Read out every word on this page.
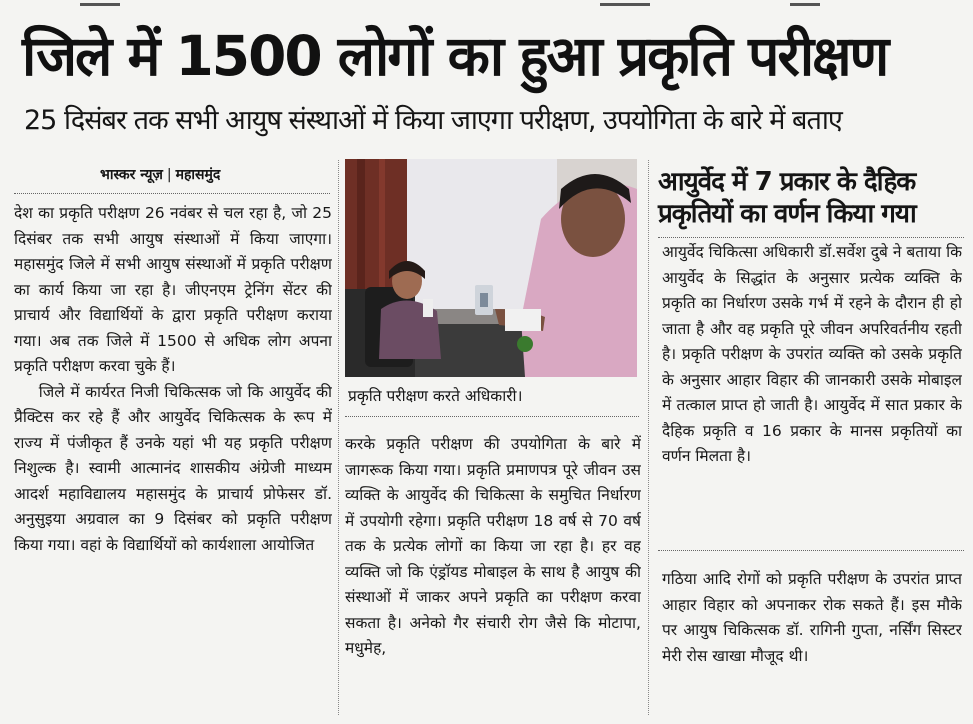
जिले में 1500 लोगों का हुआ प्रकृति परीक्षण
25 दिसंबर तक सभी आयुष संस्थाओं में किया जाएगा परीक्षण, उपयोगिता के बारे में बताए
भास्कर न्यूज़ | महासमुंद

देश का प्रकृति परीक्षण 26 नवंबर से चल रहा है, जो 25 दिसंबर तक सभी आयुष संस्थाओं में किया जाएगा। महासमुंद जिले में सभी आयुष संस्थाओं में प्रकृति परीक्षण का कार्य किया जा रहा है। जीएनएम ट्रेनिंग सेंटर की प्राचार्य और विद्यार्थियों के द्वारा प्रकृति परीक्षण कराया गया। अब तक जिले में 1500 से अधिक लोग अपना प्रकृति परीक्षण करवा चुके हैं।

जिले में कार्यरत निजी चिकित्सक जो कि आयुर्वेद की प्रैक्टिस कर रहे हैं और आयुर्वेद चिकित्सक के रूप में राज्य में पंजीकृत हैं उनके यहां भी यह प्रकृति परीक्षण निशुल्क है। स्वामी आत्मानंद शासकीय अंग्रेजी माध्यम आदर्श महाविद्यालय महासमुंद के प्राचार्य प्रोफेसर डॉ. अनुसुइया अग्रवाल का 9 दिसंबर को प्रकृति परीक्षण किया गया। वहां के विद्यार्थियों को कार्यशाला आयोजित

प्रकृति परीक्षण करते अधिकारी।

करके प्रकृति परीक्षण की उपयोगिता के बारे में जागरूक किया गया। प्रकृति प्रमाणपत्र पूरे जीवन उस व्यक्ति के आयुर्वेद की चिकित्सा के समुचित निर्धारण में उपयोगी रहेगा। प्रकृति परीक्षण 18 वर्ष से 70 वर्ष तक के प्रत्येक लोगों का किया जा रहा है। हर वह व्यक्ति जो कि एंड्रॉयड मोबाइल के साथ है आयुष की संस्थाओं में जाकर अपने प्रकृति का परीक्षण करवा सकता है। अनेको गैर संचारी रोग जैसे कि मोटापा, मधुमेह,

आयुर्वेद में 7 प्रकार के दैहिक
प्रकृतियों का वर्णन किया गया

आयुर्वेद चिकित्सा अधिकारी डॉ.सर्वेश दुबे ने बताया कि आयुर्वेद के सिद्धांत के अनुसार प्रत्येक व्यक्ति के प्रकृति का निर्धारण उसके गर्भ में रहने के दौरान ही हो जाता है और वह प्रकृति पूरे जीवन अपरिवर्तनीय रहती है। प्रकृति परीक्षण के उपरांत व्यक्ति को उसके प्रकृति के अनुसार आहार विहार की जानकारी उसके मोबाइल में तत्काल प्राप्त हो जाती है। आयुर्वेद में सात प्रकार के दैहिक प्रकृति व 16 प्रकार के मानस प्रकृतियों का वर्णन मिलता है।

गठिया आदि रोगों को प्रकृति परीक्षण के उपरांत प्राप्त आहार विहार को अपनाकर रोक सकते हैं। इस मौके पर आयुष चिकित्सक डॉ. रागिनी गुप्ता, नर्सिंग सिस्टर मेरी रोस खाखा मौजूद थी।
